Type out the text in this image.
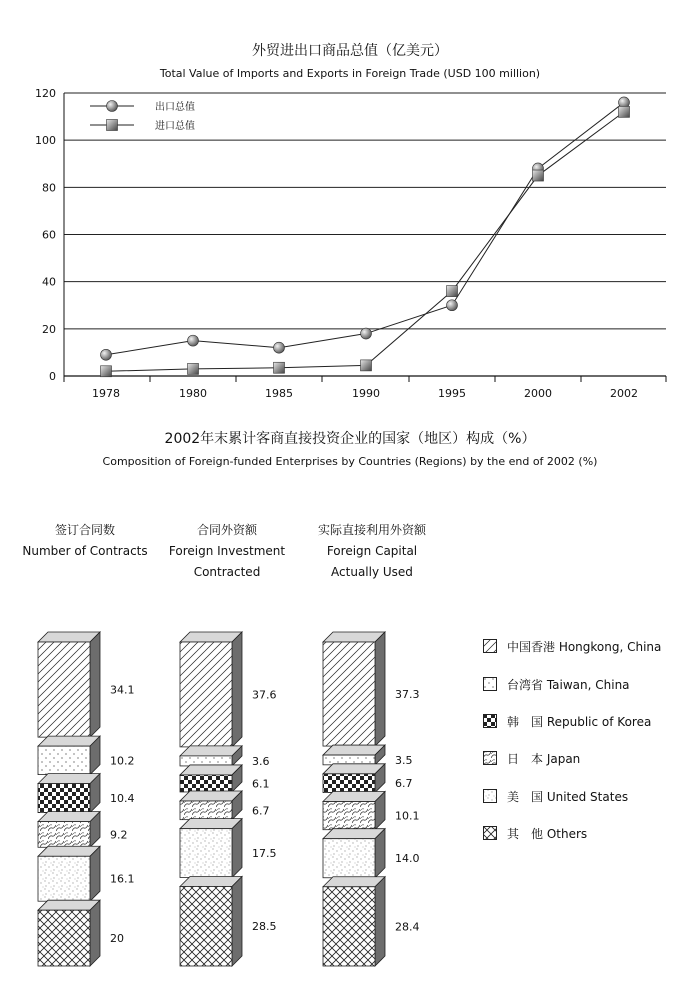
外贸进出口商品总值（亿美元）
Total Value of Imports and Exports in Foreign Trade (USD 100 million)
0
20
40
60
80
100
120
1978	1980	1985	1990	1995	2000	2002
出口总值
进口总值
2002年末累计客商直接投资企业的国家（地区）构成（%）
Composition of Foreign-funded Enterprises by Countries (Regions) by the end of 2002 (%)
签订合同数
Number of Contracts
合同外资额
Foreign Investment
Contracted
实际直接利用外资额
Foreign Capital
Actually Used
34.1
10.2
10.4
9.2
16.1
20
37.6
3.6
6.1
6.7
17.5
28.5
37.3
3.5
6.7
10.1
14.0
28.4
中国香港 Hongkong, China
台湾省 Taiwan, China
韩　国 Republic of Korea
日　本 Japan
美　国 United States
其　他 Others
